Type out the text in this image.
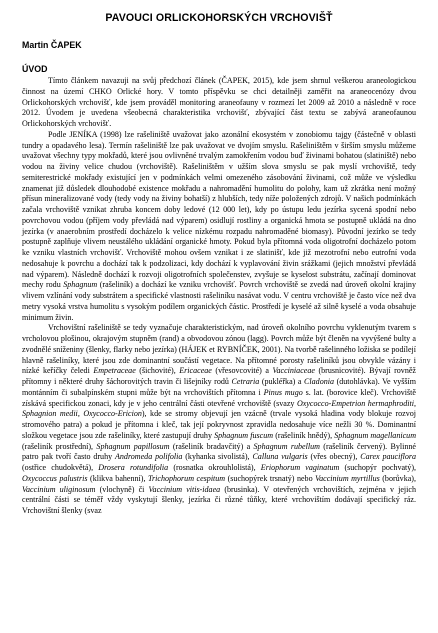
PAVOUCI ORLICKOHORSKÝCH VRCHOVIŠŤ
Martin ČAPEK
ÚVOD

Tímto článkem navazuji na svůj předchozí článek (ČAPEK, 2015), kde jsem shrnul veškerou araneologickou činnost na území CHKO Orlické hory. V tomto příspěvku se chci detailněji zaměřit na araneocenózy dvou Orlickohorských vrchovišť, kde jsem prováděl monitoring araneofauny v rozmezí let 2009 až 2010 a následně v roce 2012. Úvodem je uvedena všeobecná charakteristika vrchovišť, zbývající část textu se zabývá araneofaunou Orlickohorských vrchovišť.

Podle JENÍKA (1998) lze rašeliniště uvažovat jako azonální ekosystém v zonobiomu tajgy (částečně v oblasti tundry a opadavého lesa). Termín rašeliniště lze pak uvažovat ve dvojím smyslu. Rašeliništěm v širším smyslu můžeme uvažovat všechny typy mokřadů, které jsou ovlivněné trvalým zamokřením vodou buď živinami bohatou (slatiniště) nebo vodou na živiny velice chudou (vrchoviště). Rašeliništěm v užším slova smyslu se pak myslí vrchoviště, tedy semiterestrické mokřady existující jen v podmínkách velmi omezeného zásobování živinami, což může ve výsledku znamenat již důsledek dlouhodobé existence mokřadu a nahromadění humolitu do polohy, kam už zkrátka není možný přísun mineralizované vody (tedy vody na živiny bohatší) z hlubších, tedy níže položených zdrojů. V našich podmínkách začala vrchoviště vznikat zhruba koncem doby ledové (12 000 let), kdy po ústupu ledu jezírka sycená spodní nebo povrchovou vodou (příjem vody převládá nad výparem) osidlují rostliny a organická hmota se postupně ukládá na dno jezírka (v anaerobním prostředí docházelo k velice nízkému rozpadu nahromaděné biomasy). Původní jezírko se tedy postupně zaplňuje vlivem neustálého ukládání organické hmoty. Pokud byla přítomná voda oligotrofní docházelo potom ke vzniku vlastních vrchovišť. Vrchoviště mohou ovšem vznikat i ze slatinišť, kde již mezotrofní nebo eutrofní voda nedosahuje k povrchu a dochází tak k podzolizaci, kdy dochází k vyplavování živin srážkami (jejich množství převládá nad výparem). Následně dochází k rozvoji oligotrofních společenstev, zvyšuje se kyselost substrátu, začínají dominovat mechy rodu Sphagnum (rašeliník) a dochází ke vzniku vrchovišť. Povrch vrchoviště se zvedá nad úroveň okolní krajiny vlivem vzlínání vody substrátem a specifické vlastnosti rašeliníku nasávat vodu. V centru vrchoviště je často více než dva metry vysoká vrstva humolitu s vysokým podílem organických částic. Prostředí je kyselé až silně kyselé a voda obsahuje minimum živin.

Vrchovištní rašeliniště se tedy vyznačuje charakteristickým, nad úroveň okolního povrchu vyklenutým tvarem s vrcholovou plošinou, okrajovým stupněm (rand) a obvodovou zónou (lagg). Povrch může být členěn na vyvýšené bulty a zvodnělé sníženiny (šlenky, flarky nebo jezírka) (HÁJEK et RYBNÍČEK, 2001). Na tvorbě rašelinného ložiska se podílejí hlavně rašeliníky, které jsou zde dominantní součástí vegetace. Na přítomné porosty rašeliníků jsou obvykle vázány i nízké keříčky čeledi Empetraceae (šichovité), Ericaceae (vřesovcovité) a Vacciniaceae (brusnicovité). Bývají rovněž přítomny i některé druhy šáchorovitých travin či lišejníky rodů Cetraria (pukléřka) a Cladonia (dutohlávka). Ve vyšším montánním či subalpínském stupni může být na vrchovištích přítomna i Pinus mugo s. lat. (borovice kleč). Vrchoviště získává specifickou zonaci, kdy je v jeho centrální části otevřené vrchoviště (svazy Oxycocco-Empetrion hermaphroditi, Sphagnion medii, Oxycocco-Ericion), kde se stromy objevují jen vzácně (trvale vysoká hladina vody blokuje rozvoj stromového patra) a pokud je přítomna i kleč, tak její pokryvnost zpravidla nedosahuje více nežli 30 %. Dominantní složkou vegetace jsou zde rašeliníky, které zastupují druhy Sphagnum fuscum (rašeliník hnědý), Sphagnum magellanicum (rašeliník prostřední), Sphagnum papillosum (rašeliník bradavčitý) a Sphagnum rubellum (rašeliník červený). Bylinné patro pak tvoří často druhy Andromeda polifolia (kyhanka sivolistá), Calluna vulgaris (vřes obecný), Carex pauciflora (ostřice chudokvětá), Drosera rotundifolia (rosnatka okrouhlolistá), Eriophorum vaginatum (suchopýr pochvatý), Oxycoccus palustris (klikva bahenní), Trichophorum cespitum (suchopýrek trsnatý) nebo Vaccinium myrtillus (borůvka), Vaccinium uliginosum (vlochyně) či Vaccinium vitis-idaea (brusinka). V otevřených vrchovištích, zejména v jejich centrální části se téměř vždy vyskytují šlenky, jezírka či různé tůňky, které vrchovištím dodávají specifický ráz. Vrchovištní šlenky (svaz
